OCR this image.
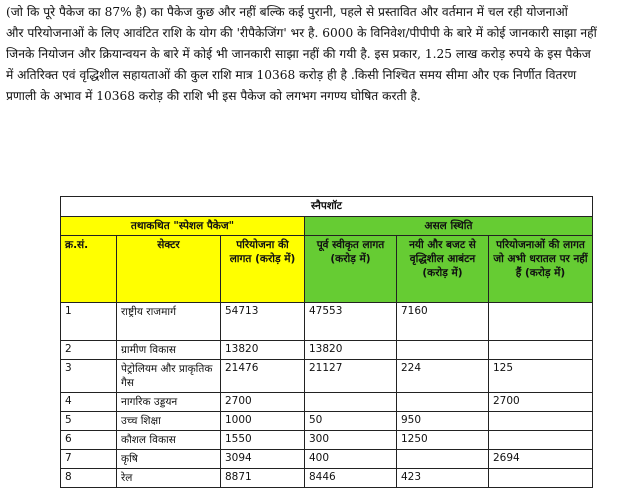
(जो कि पूरे पैकेज का 87% है) का पैकेज कुछ और नहीं बल्कि कई पुरानी, पहले से प्रस्तावित और वर्तमान में चल रही योजनाओं
और परियोजनाओं के लिए आवंटित राशि के योग की 'रीपैकेजिंग' भर है. 6000 के विनिवेश/पीपीपी के बारे में कोई जानकारी साझा नहीं
जिनके नियोजन और क्रियान्वयन के बारे में कोई भी जानकारी साझा नहीं की गयी है. इस प्रकार, 1.25 लाख करोड़ रुपये के इस पैकेज
में अतिरिक्त एवं वृद्धिशील सहायताओं की कुल राशि मात्र 10368 करोड़ ही है .किसी निश्चित समय सीमा और एक निर्णीत वितरण
प्रणाली के अभाव में 10368 करोड़ की राशि भी इस पैकेज को लगभग नगण्य घोषित करती है.
स्नैपशॉट					
तथाकथित "स्पेशल पैकेज"			असल स्थिति		
क्र.सं.	सेक्टर	परियोजना की लागत (करोड़ में)	पूर्व स्वीकृत लागत (करोड़ में)	नयी और बजट से वृद्धिशील आबंटन (करोड़ में)	परियोजनाओं की लागत जो अभी धरातल पर नहीं हैं (करोड़ में)
1	राष्ट्रीय राजमार्ग	54713	47553	7160	
2	ग्रामीण विकास	13820	13820		
3	पेट्रोलियम और प्राकृतिक गैस	21476	21127	224	125
4	नागरिक उड्डयन	2700			2700
5	उच्च शिक्षा	1000	50	950	
6	कौशल विकास	1550	300	1250	
7	कृषि	3094	400		2694
8	रेल	8871	8446	423	
